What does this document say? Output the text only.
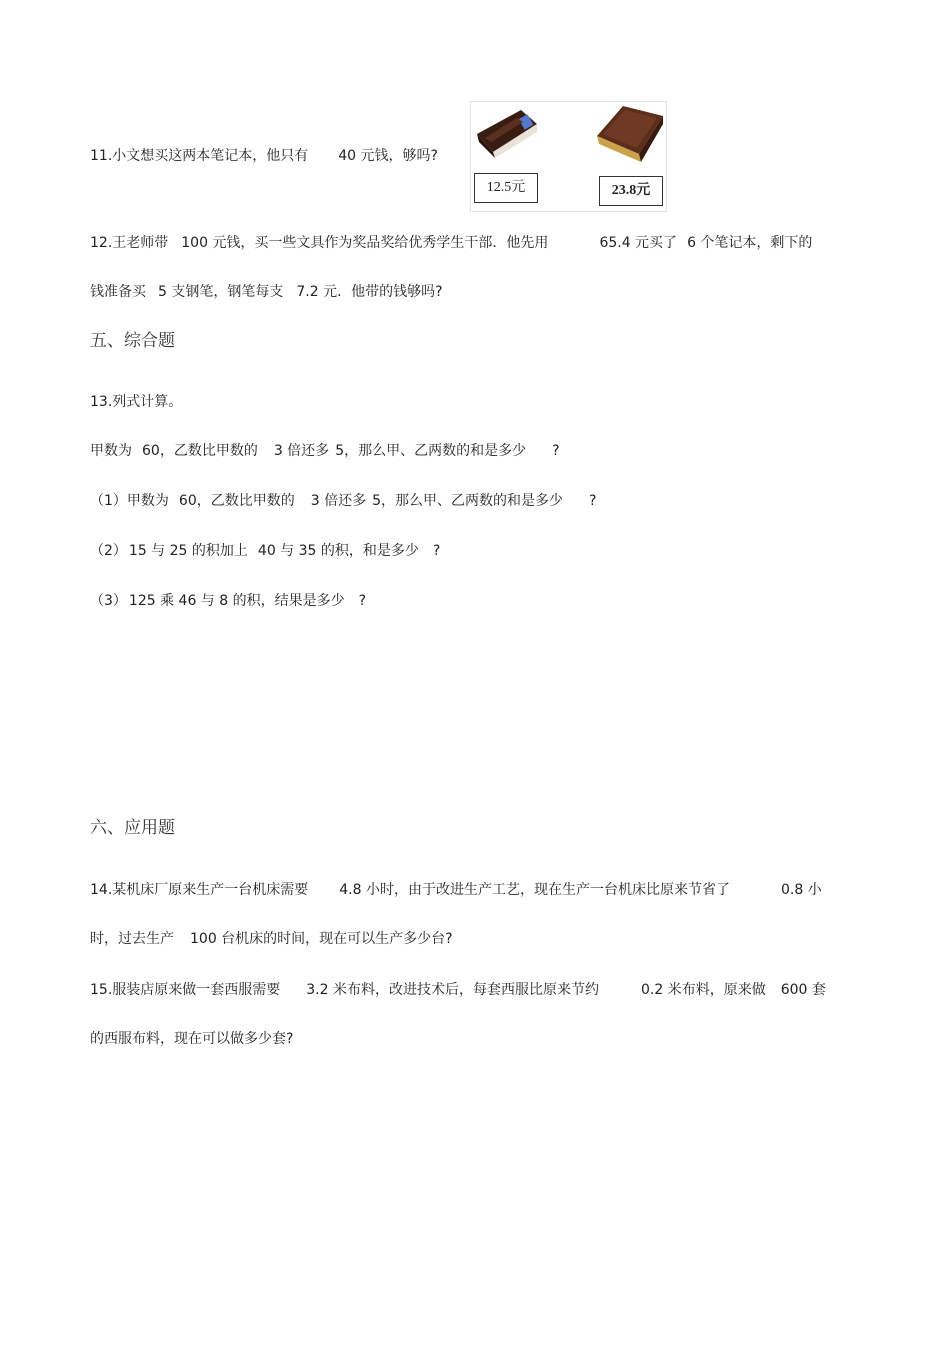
11.小文想买这两本笔记本，他只有 40 元钱，够吗?
12.5元	23.8元
12.王老师带 100 元钱，买一些文具作为奖品奖给优秀学生干部．他先用	65.4 元买了 6 个笔记本，剩下的
钱准备买 5 支钢笔，钢笔每支 7.2 元．他带的钱够吗?
五、综合题
13.列式计算。
甲数为 60，乙数比甲数的 3 倍还多 5，那么甲、乙两数的和是多少 ?
（1）甲数为 60，乙数比甲数的 3 倍还多 5，那么甲、乙两数的和是多少 ?
（2） 15 与 25 的积加上 40 与 35 的积，和是多少 ?
（3） 125 乘 46 与 8 的积，结果是多少 ?
六、应用题
14.某机床厂原来生产一台机床需要 4.8 小时，由于改进生产工艺，现在生产一台机床比原来节省了	0.8 小
时，过去生产 100 台机床的时间，现在可以生产多少台?
15.服装店原来做一套西服需要 3.2 米布料，改进技术后，每套西服比原来节约	0.2 米布料，原来做 600 套
的西服布料，现在可以做多少套?
